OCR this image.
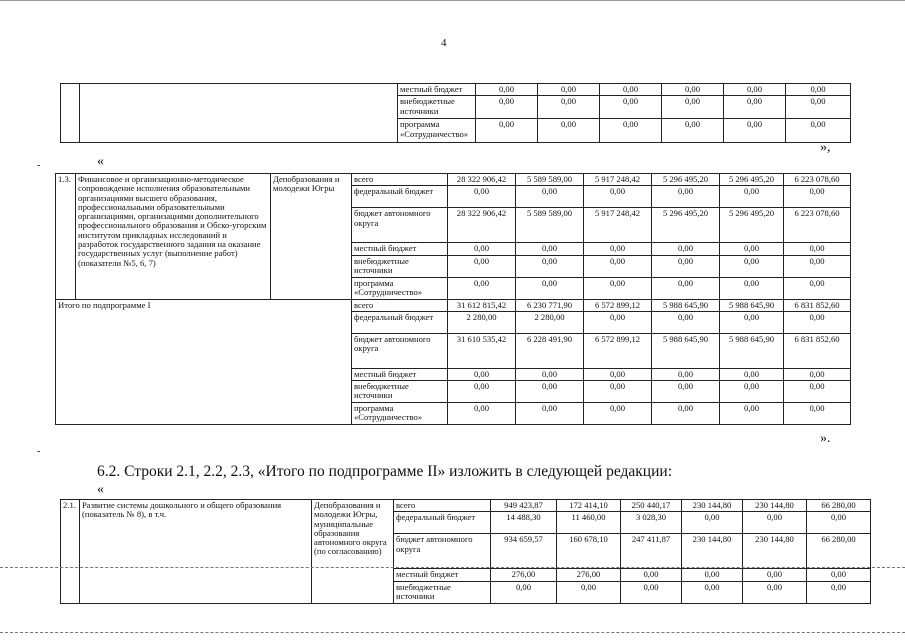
4
		местный бюджет	0,00	0,00	0,00	0,00	0,00	0,00
		внебюджетные источники	0,00	0,00	0,00	0,00	0,00	0,00
		программа «Сотрудничество»	0,00	0,00	0,00	0,00	0,00	0,00
-	«
»,
1.3.	Финансовое и организационно-методическое сопровождение исполнения образовательными организациями высшего образования, профессиональными образовательными организациями, организациями дополнительного профессионального образования и Обско-угорским институтом прикладных исследований и разработок государственного задания на оказание государственных услуг (выполнение работ) (показатели №5, 6, 7)	Депобразования и молодежи Югры	всего	28 322 906,42	5 589 589,00	5 917 248,42	5 296 495,20	5 296 495,20	6 223 078,60
			федеральный бюджет	0,00	0,00	0,00	0,00	0,00	0,00
			бюджет автономного округа	28 322 906,42	5 589 589,00	5 917 248,42	5 296 495,20	5 296 495,20	6 223 078,60
			местный бюджет	0,00	0,00	0,00	0,00	0,00	0,00
			внебюджетные источники	0,00	0,00	0,00	0,00	0,00	0,00
			программа «Сотрудничество»	0,00	0,00	0,00	0,00	0,00	0,00
Итого по подпрограмме I			всего	31 612 815,42	6 230 771,90	6 572 899,12	5 988 645,90	5 988 645,90	6 831 852,60
			федеральный бюджет	2 280,00	2 280,00	0,00	0,00	0,00	0,00
			бюджет автономного округа	31 610 535,42	6 228 491,90	6 572 899,12	5 988 645,90	5 988 645,90	6 831 852,60
			местный бюджет	0,00	0,00	0,00	0,00	0,00	0,00
			внебюджетные источники	0,00	0,00	0,00	0,00	0,00	0,00
			программа «Сотрудничество»	0,00	0,00	0,00	0,00	0,00	0,00
».
-
6.2. Строки 2.1, 2.2, 2.3, «Итого по подпрограмме II» изложить в следующей редакции:
«
2.1.	Развитие системы дошкольного и общего образования (показатель № 8), в т.ч.	Депобразования и молодежи Югры, муниципальные образования автономного округа (по согласованию)	всего	949 423,87	172 414,10	250 440,17	230 144,80	230 144,80	66 280,00
			федеральный бюджет	14 488,30	11 460,00	3 028,30	0,00	0,00	0,00
			бюджет автономного округа	934 659,57	160 678,10	247 411,87	230 144,80	230 144,80	66 280,00
			местный бюджет	276,00	276,00	0,00	0,00	0,00	0,00
			внебюджетные источники	0,00	0,00	0,00	0,00	0,00	0,00
